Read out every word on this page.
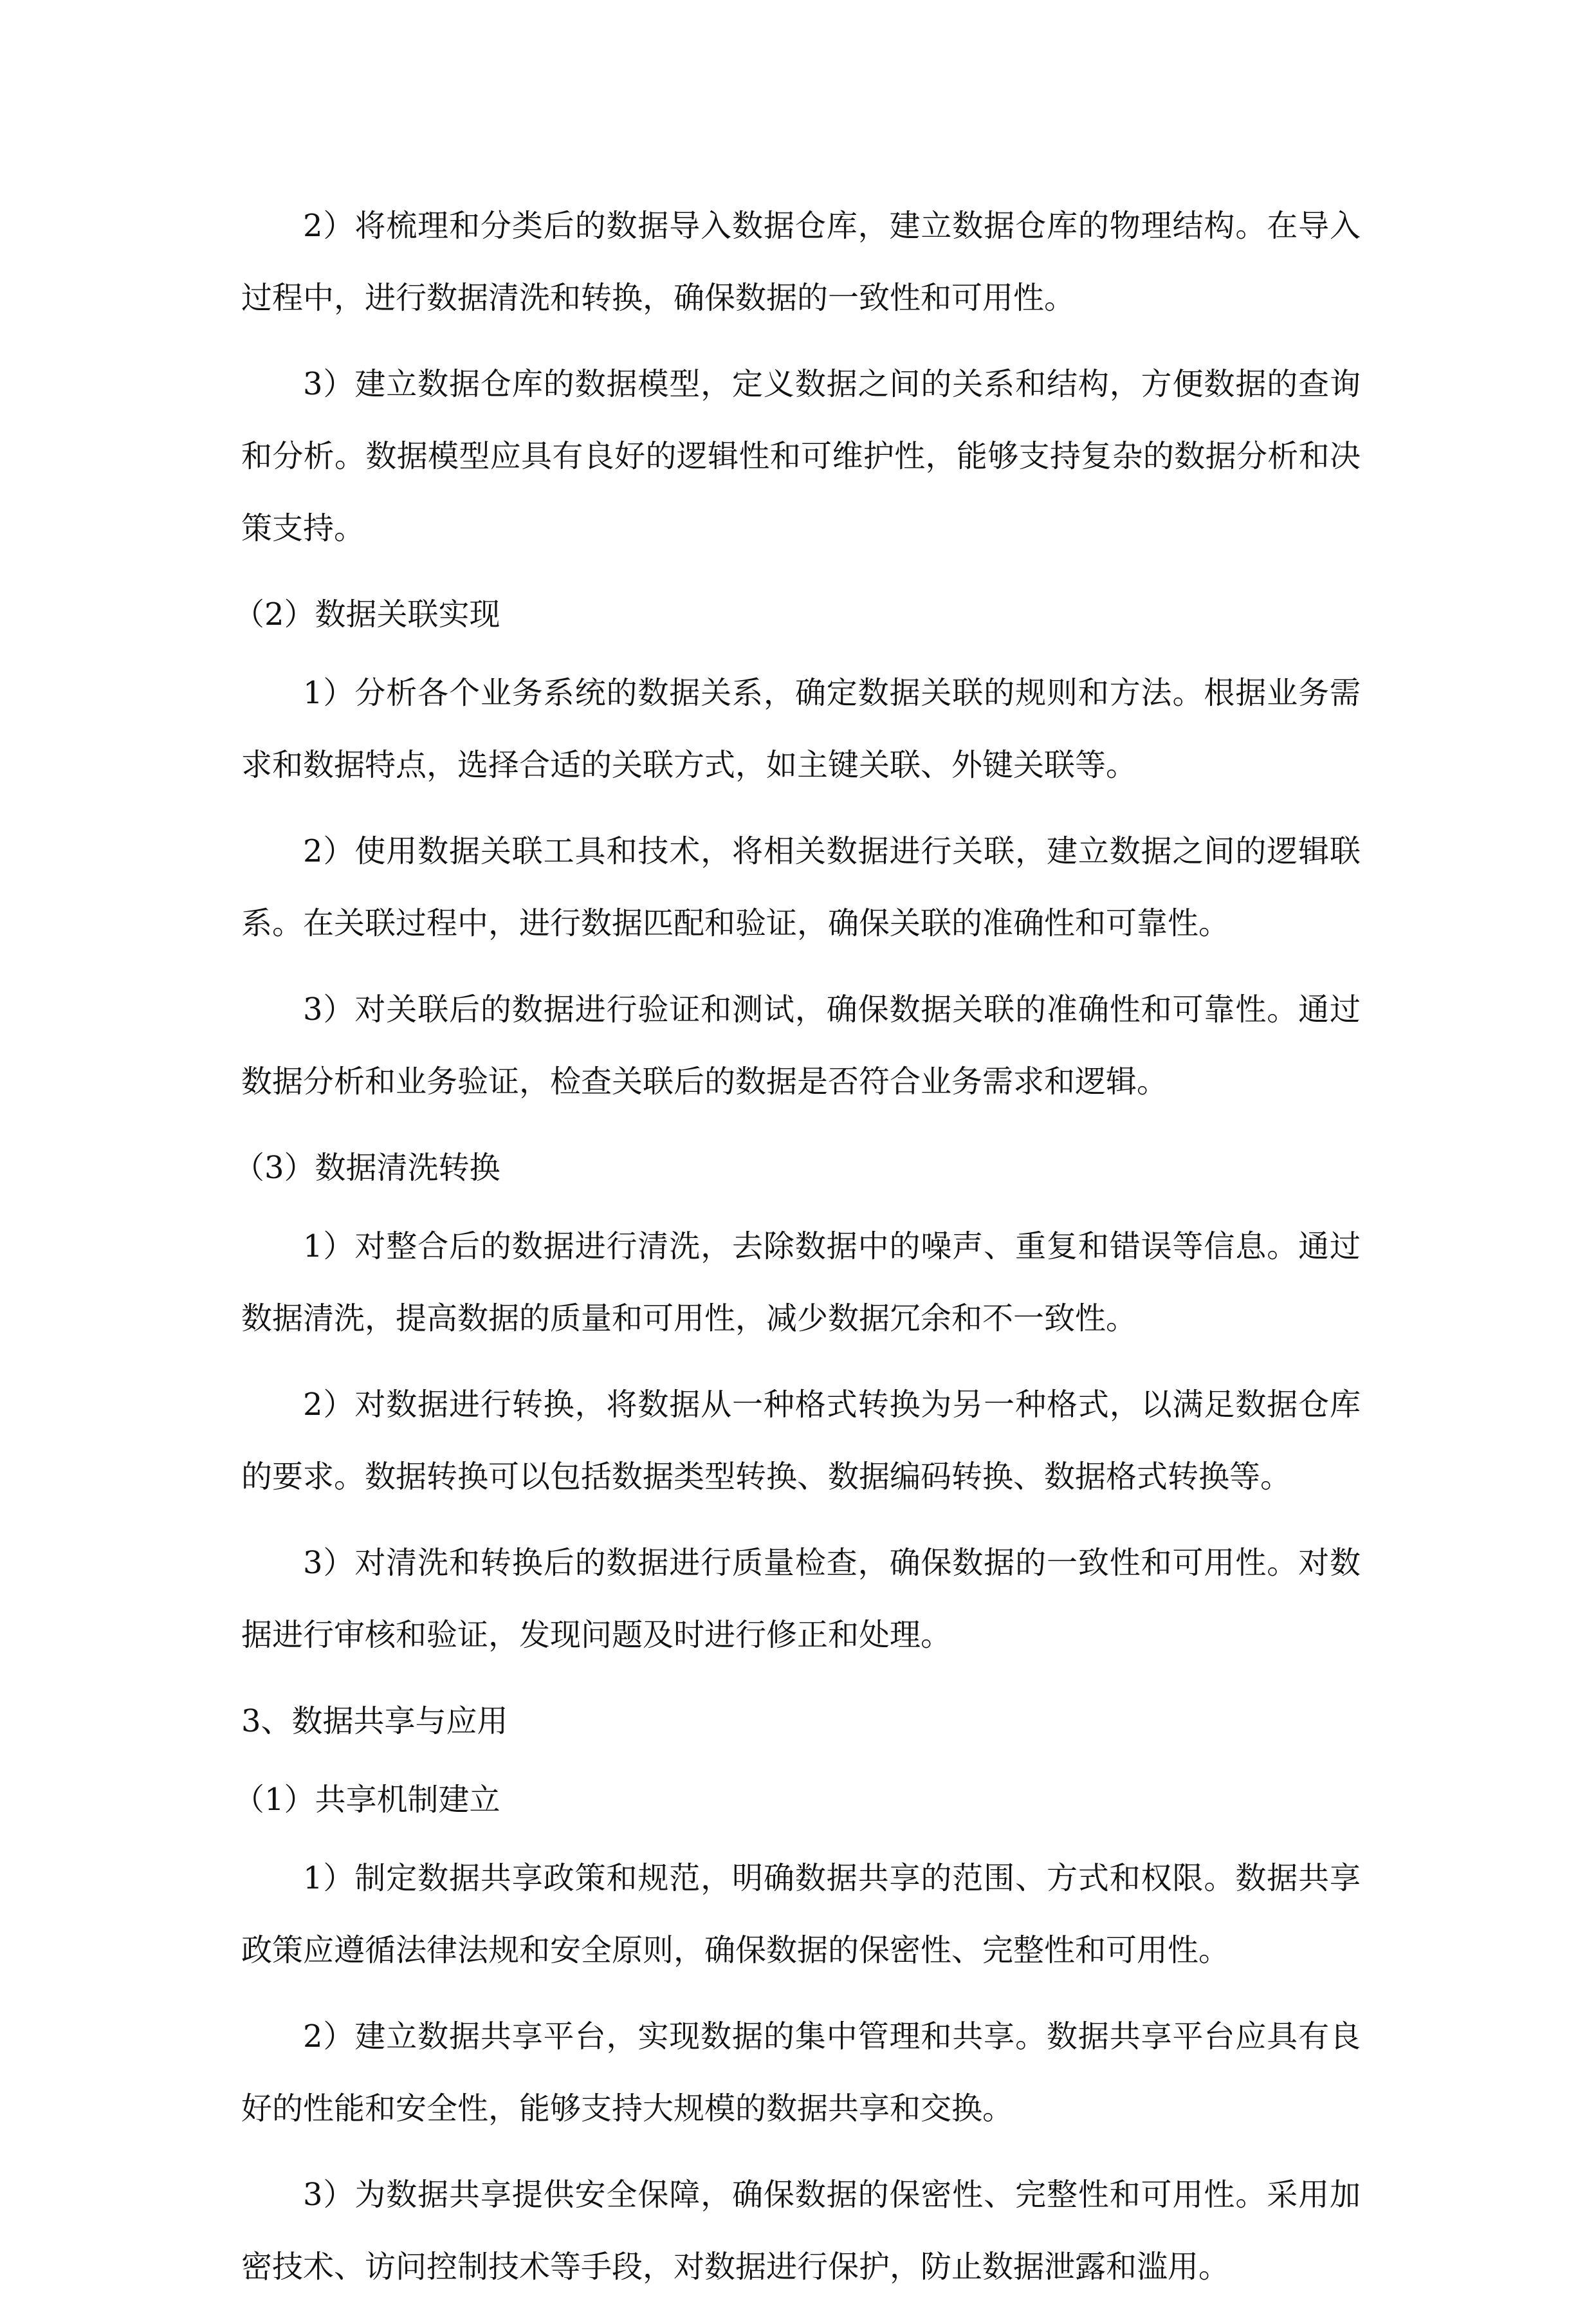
2）将梳理和分类后的数据导入数据仓库，建立数据仓库的物理结构。在导入过程中，进行数据清洗和转换，确保数据的一致性和可用性。

3）建立数据仓库的数据模型，定义数据之间的关系和结构，方便数据的查询和分析。数据模型应具有良好的逻辑性和可维护性，能够支持复杂的数据分析和决策支持。

（2）数据关联实现

1）分析各个业务系统的数据关系，确定数据关联的规则和方法。根据业务需求和数据特点，选择合适的关联方式，如主键关联、外键关联等。

2）使用数据关联工具和技术，将相关数据进行关联，建立数据之间的逻辑联系。在关联过程中，进行数据匹配和验证，确保关联的准确性和可靠性。

3）对关联后的数据进行验证和测试，确保数据关联的准确性和可靠性。通过数据分析和业务验证，检查关联后的数据是否符合业务需求和逻辑。

（3）数据清洗转换

1）对整合后的数据进行清洗，去除数据中的噪声、重复和错误等信息。通过数据清洗，提高数据的质量和可用性，减少数据冗余和不一致性。

2）对数据进行转换，将数据从一种格式转换为另一种格式，以满足数据仓库的要求。数据转换可以包括数据类型转换、数据编码转换、数据格式转换等。

3）对清洗和转换后的数据进行质量检查，确保数据的一致性和可用性。对数据进行审核和验证，发现问题及时进行修正和处理。

3、数据共享与应用

（1）共享机制建立

1）制定数据共享政策和规范，明确数据共享的范围、方式和权限。数据共享政策应遵循法律法规和安全原则，确保数据的保密性、完整性和可用性。

2）建立数据共享平台，实现数据的集中管理和共享。数据共享平台应具有良好的性能和安全性，能够支持大规模的数据共享和交换。

3）为数据共享提供安全保障，确保数据的保密性、完整性和可用性。采用加密技术、访问控制技术等手段，对数据进行保护，防止数据泄露和滥用。
